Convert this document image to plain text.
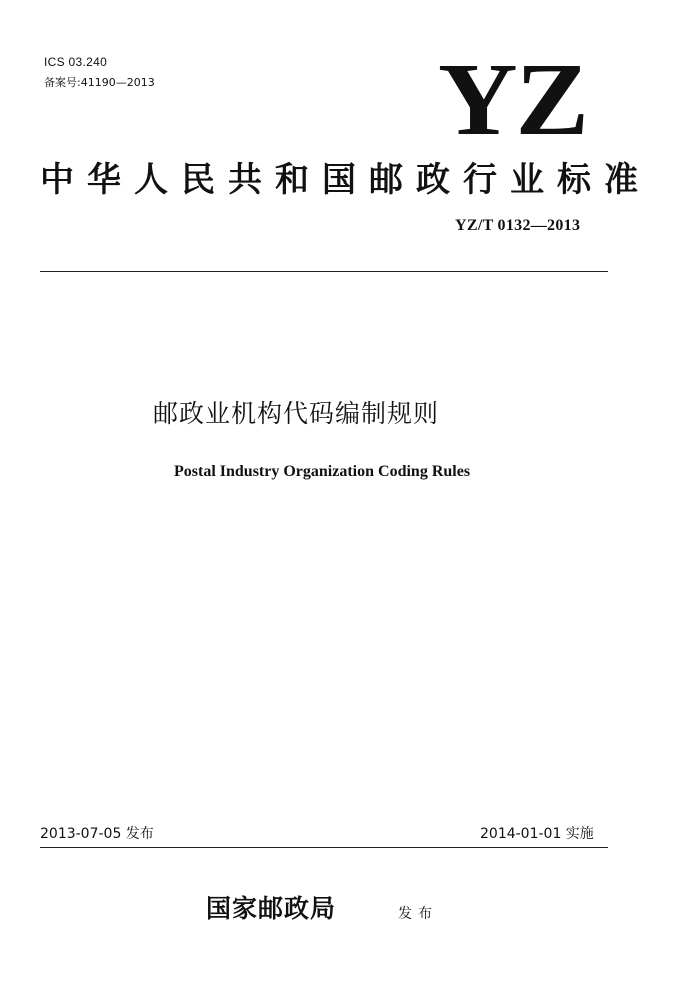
ICS 03.240
备案号:41190—2013	YZ
中华人民共和国邮政行业标准
YZ/T 0132—2013
邮政业机构代码编制规则
Postal Industry Organization Coding Rules
2013-07-05 发布	2014-01-01 实施
国家邮政局	发布
